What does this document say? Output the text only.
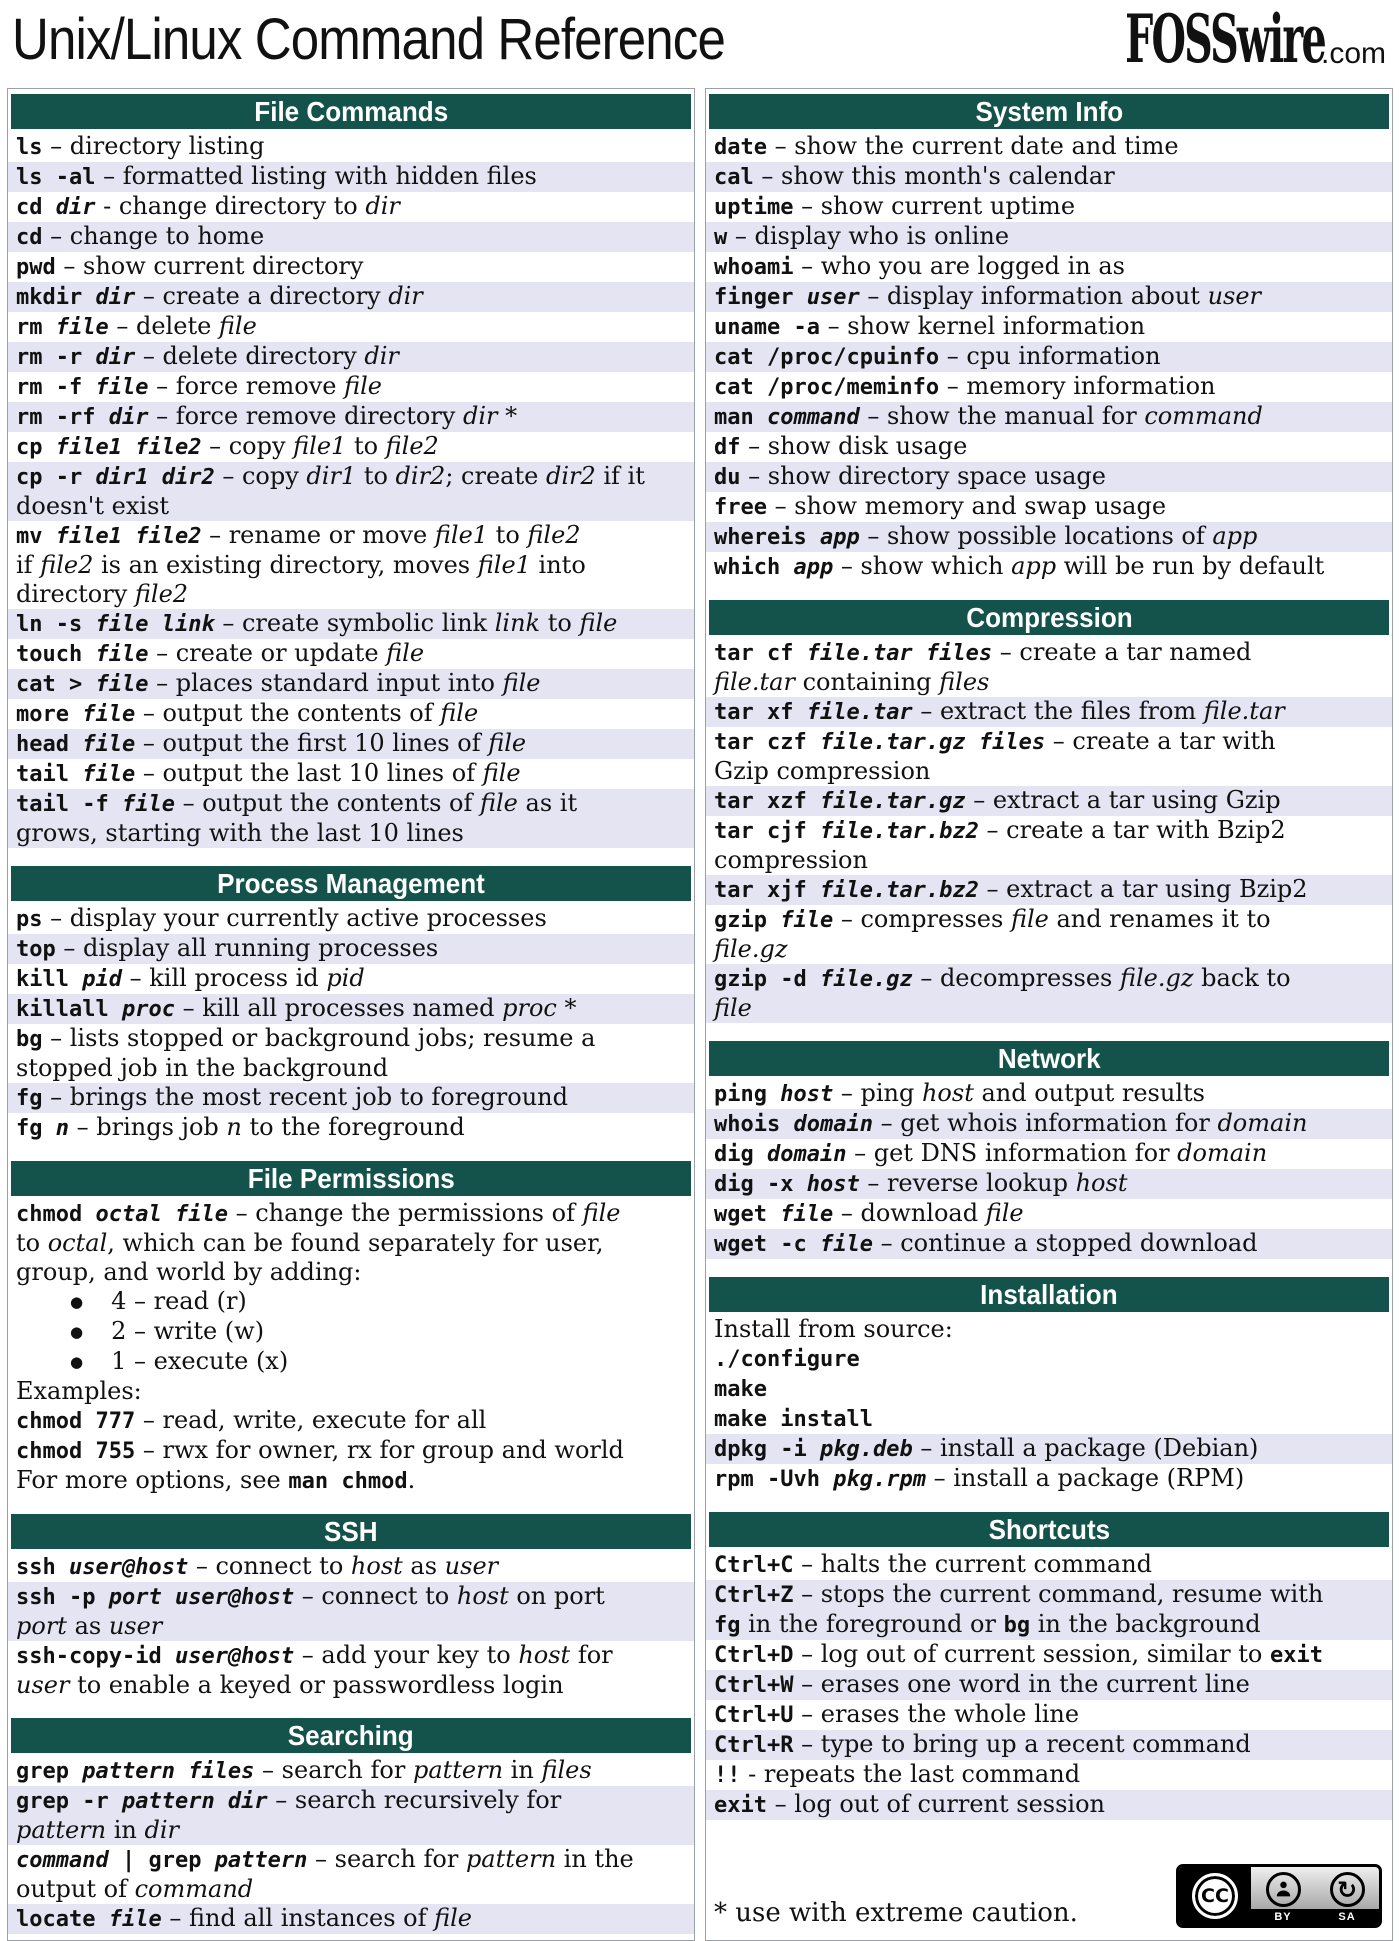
Unix/Linux Command Reference	FOSSwire
.com
File Commands
ls – directory listing
ls -al – formatted listing with hidden files
cd dir - change directory to dir
cd – change to home
pwd – show current directory
mkdir dir – create a directory dir
rm file – delete file
rm -r dir – delete directory dir
rm -f file – force remove file
rm -rf dir – force remove directory dir *
cp file1 file2 – copy file1 to file2
cp -r dir1 dir2 – copy dir1 to dir2; create dir2 if it
doesn't exist
mv file1 file2 – rename or move file1 to file2
if file2 is an existing directory, moves file1 into
directory file2
ln -s file link – create symbolic link link to file
touch file – create or update file
cat > file – places standard input into file
more file – output the contents of file
head file – output the first 10 lines of file
tail file – output the last 10 lines of file
tail -f file – output the contents of file as it
grows, starting with the last 10 lines
Process Management
ps – display your currently active processes
top – display all running processes
kill pid – kill process id pid
killall proc – kill all processes named proc *
bg – lists stopped or background jobs; resume a
stopped job in the background
fg – brings the most recent job to foreground
fg n – brings job n to the foreground
File Permissions
chmod octal file – change the permissions of file
to octal, which can be found separately for user,
group, and world by adding:
● 4 – read (r)
● 2 – write (w)
● 1 – execute (x)
Examples:
chmod 777 – read, write, execute for all
chmod 755 – rwx for owner, rx for group and world
For more options, see man chmod.
SSH
ssh user@host – connect to host as user
ssh -p port user@host – connect to host on port
port as user
ssh-copy-id user@host – add your key to host for
user to enable a keyed or passwordless login
Searching
grep pattern files – search for pattern in files
grep -r pattern dir – search recursively for
pattern in dir
command | grep pattern – search for pattern in the
output of command
locate file – find all instances of file
System Info
date – show the current date and time
cal – show this month's calendar
uptime – show current uptime
w – display who is online
whoami – who you are logged in as
finger user – display information about user
uname -a – show kernel information
cat /proc/cpuinfo – cpu information
cat /proc/meminfo – memory information
man command – show the manual for command
df – show disk usage
du – show directory space usage
free – show memory and swap usage
whereis app – show possible locations of app
which app – show which app will be run by default
Compression
tar cf file.tar files – create a tar named
file.tar containing files
tar xf file.tar – extract the files from file.tar
tar czf file.tar.gz files – create a tar with
Gzip compression
tar xzf file.tar.gz – extract a tar using Gzip
tar cjf file.tar.bz2 – create a tar with Bzip2
compression
tar xjf file.tar.bz2 – extract a tar using Bzip2
gzip file – compresses file and renames it to
file.gz
gzip -d file.gz – decompresses file.gz back to
file
Network
ping host – ping host and output results
whois domain – get whois information for domain
dig domain – get DNS information for domain
dig -x host – reverse lookup host
wget file – download file
wget -c file – continue a stopped download
Installation
Install from source:
./configure
make
make install
dpkg -i pkg.deb – install a package (Debian)
rpm -Uvh pkg.rpm – install a package (RPM)
Shortcuts
Ctrl+C – halts the current command
Ctrl+Z – stops the current command, resume with
fg in the foreground or bg in the background
Ctrl+D – log out of current session, similar to exit
Ctrl+W – erases one word in the current line
Ctrl+U – erases the whole line
Ctrl+R – type to bring up a recent command
!! - repeats the last command
exit – log out of current session
* use with extreme caution.
CC	↻
BY	SA
